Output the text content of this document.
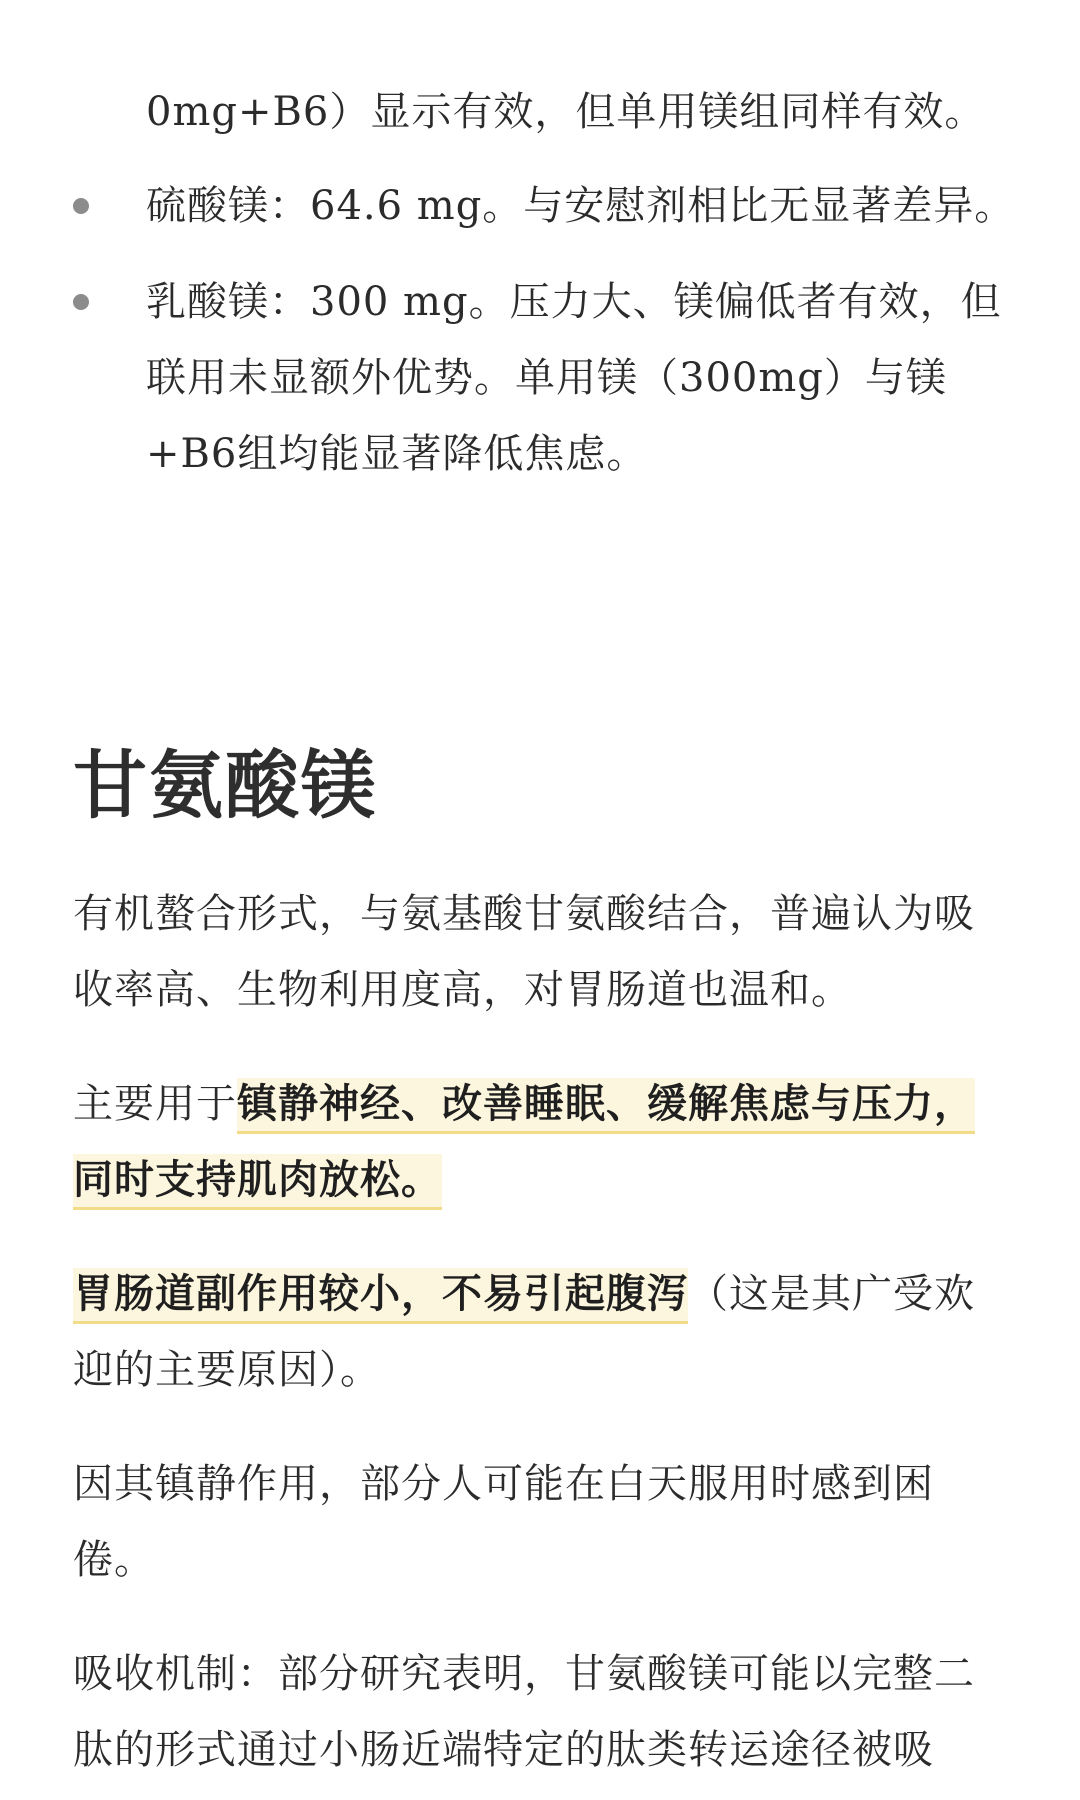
0mg+B6）显示有效，但单用镁组同样有效。

硫酸镁：64.6 mg。与安慰剂相比无显著差异。
乳酸镁：300 mg。压力大、镁偏低者有效，但联用未显额外优势。单用镁（300mg）与镁+B6组均能显著降低焦虑。
甘氨酸镁

有机螯合形式，与氨基酸甘氨酸结合，普遍认为吸收率高、生物利用度高，对胃肠道也温和。

主要用于镇静神经、改善睡眠、缓解焦虑与压力，同时支持肌肉放松。

胃肠道副作用较小，不易引起腹泻（这是其广受欢迎的主要原因）。

因其镇静作用，部分人可能在白天服用时感到困倦。

吸收机制：部分研究表明，甘氨酸镁可能以完整二肽的形式通过小肠近端特定的肽类转运途径被吸
